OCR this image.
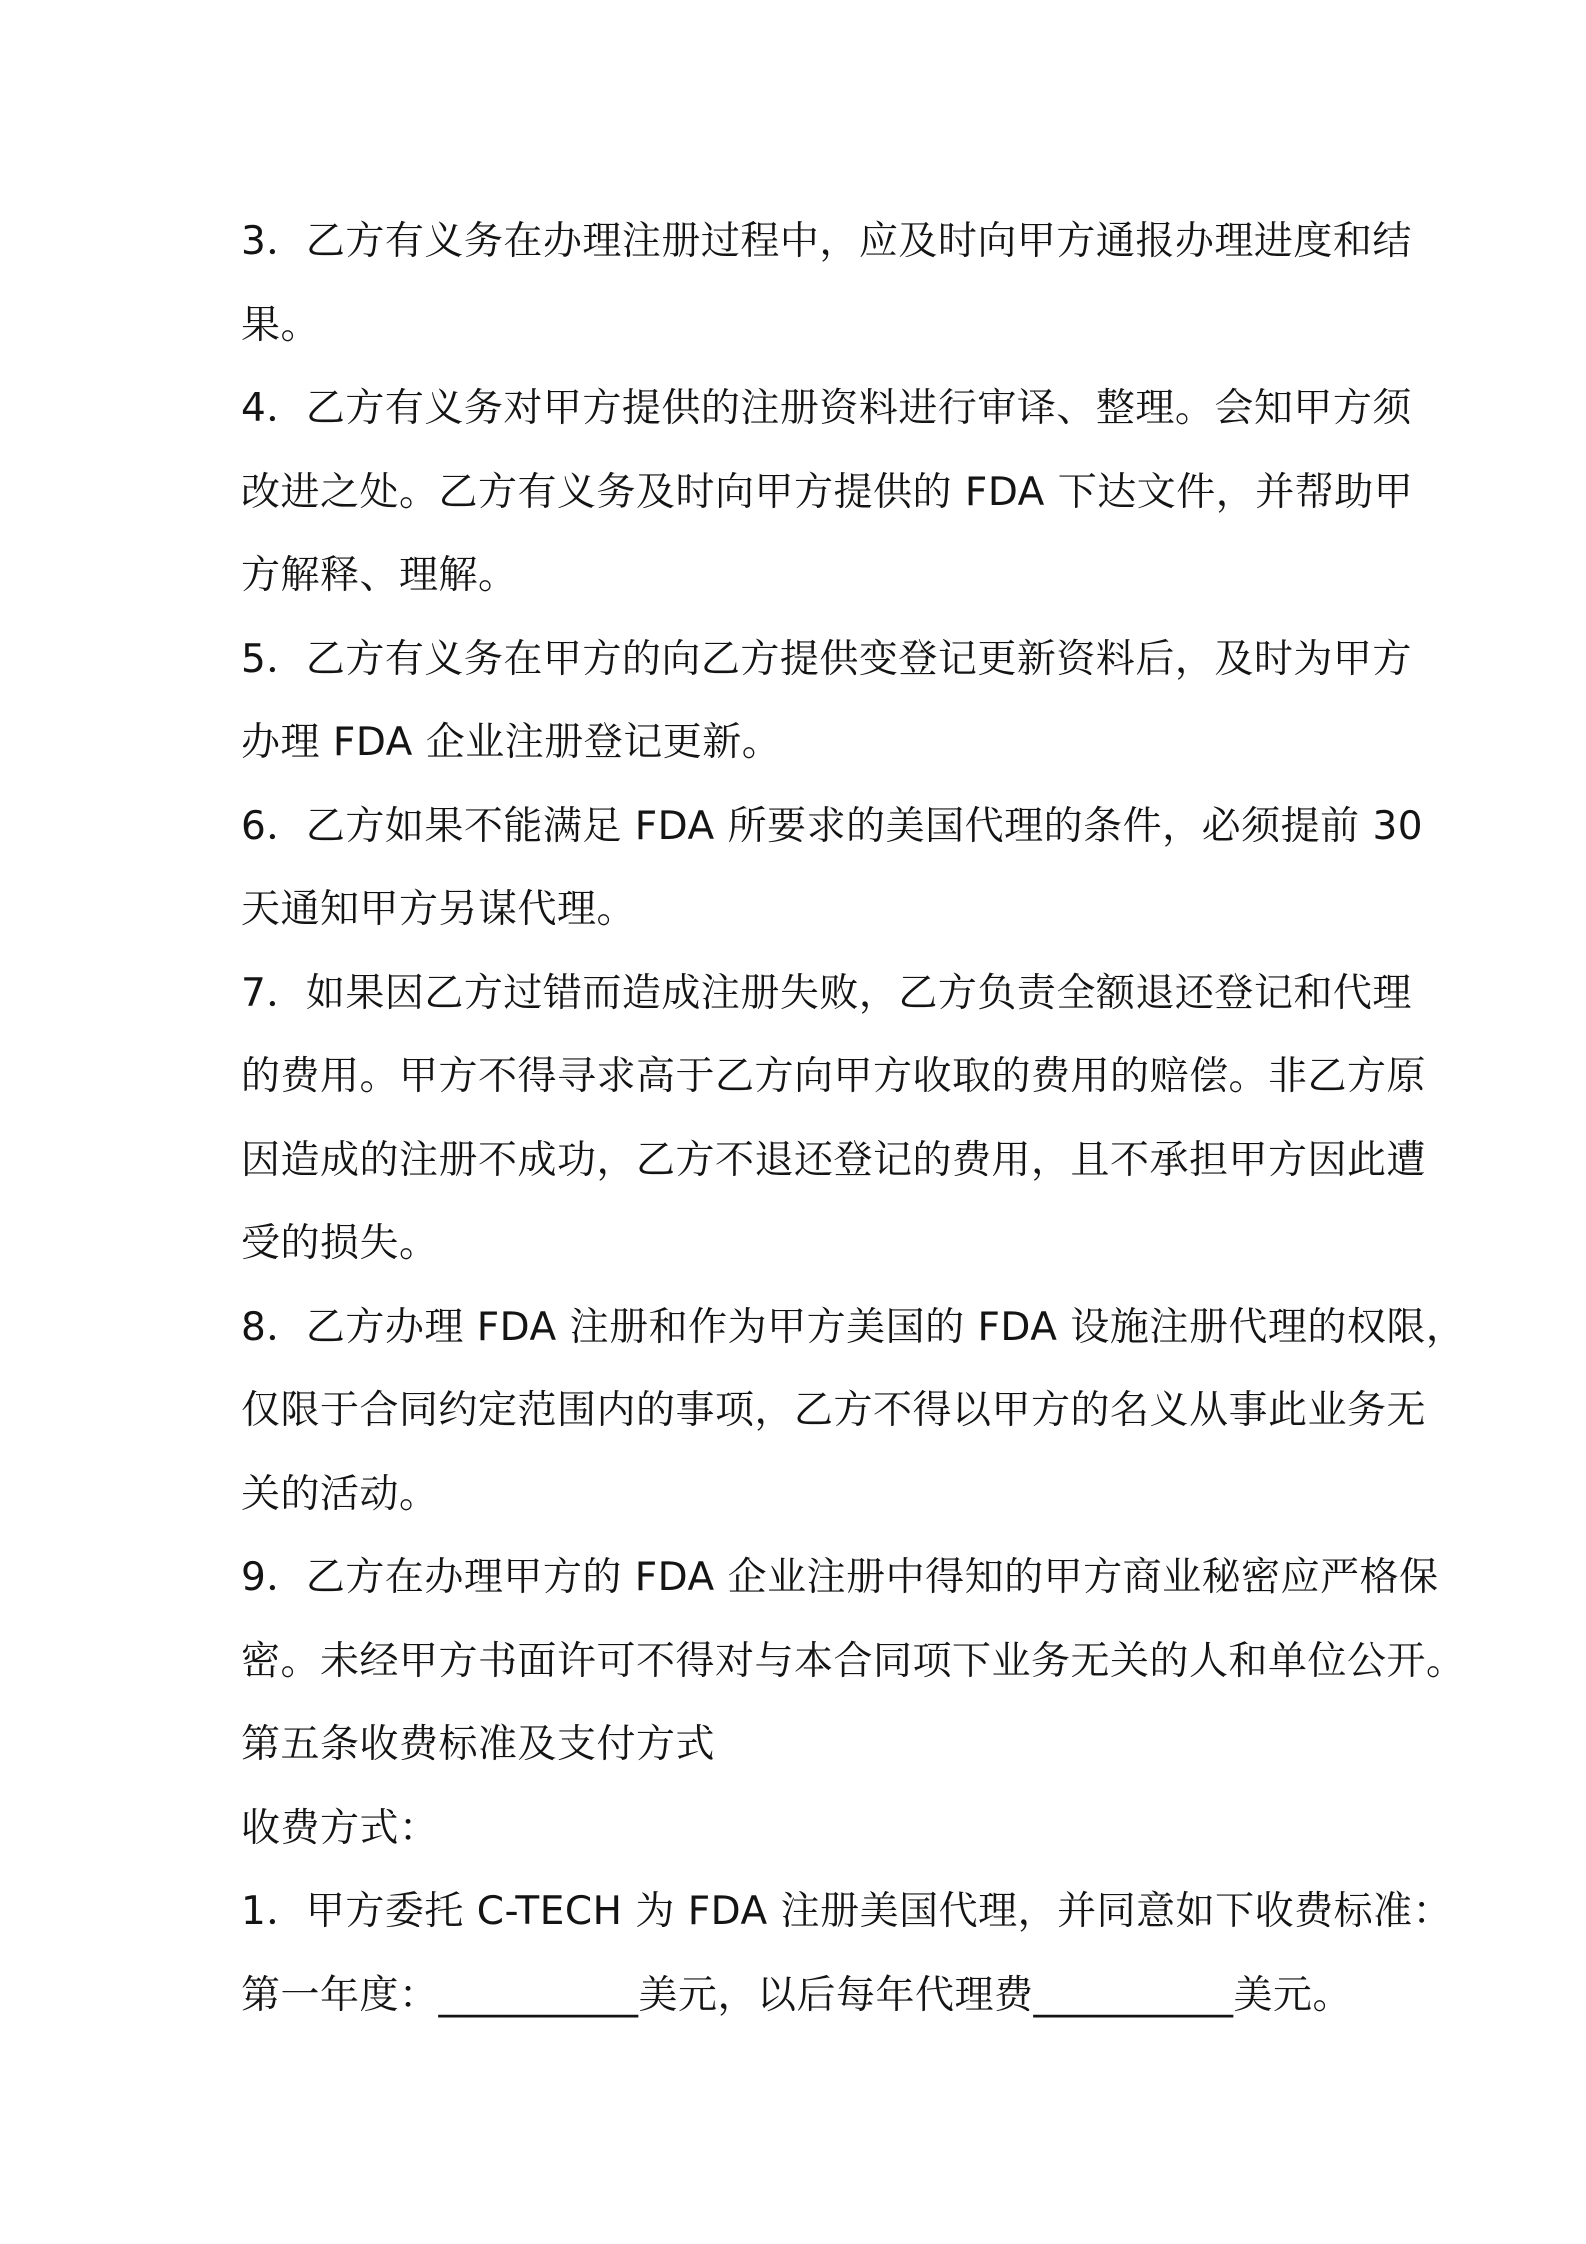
3．乙方有义务在办理注册过程中，应及时向甲方通报办理进度和结
果。
4．乙方有义务对甲方提供的注册资料进行审译、整理。会知甲方须
改进之处。乙方有义务及时向甲方提供的 FDA 下达文件，并帮助甲
方解释、理解。
5．乙方有义务在甲方的向乙方提供变登记更新资料后，及时为甲方
办理 FDA 企业注册登记更新。
6．乙方如果不能满足 FDA 所要求的美国代理的条件，必须提前 30
天通知甲方另谋代理。
7．如果因乙方过错而造成注册失败，乙方负责全额退还登记和代理
的费用。甲方不得寻求高于乙方向甲方收取的费用的赔偿。非乙方原
因造成的注册不成功，乙方不退还登记的费用，且不承担甲方因此遭
受的损失。
8．乙方办理 FDA 注册和作为甲方美国的 FDA 设施注册代理的权限，
仅限于合同约定范围内的事项，乙方不得以甲方的名义从事此业务无
关的活动。
9．乙方在办理甲方的 FDA 企业注册中得知的甲方商业秘密应严格保
密。未经甲方书面许可不得对与本合同项下业务无关的人和单位公开。
第五条收费标准及支付方式
收费方式：
1．甲方委托 C-TECH 为 FDA 注册美国代理，并同意如下收费标准：
第一年度：__________美元，以后每年代理费__________美元。
